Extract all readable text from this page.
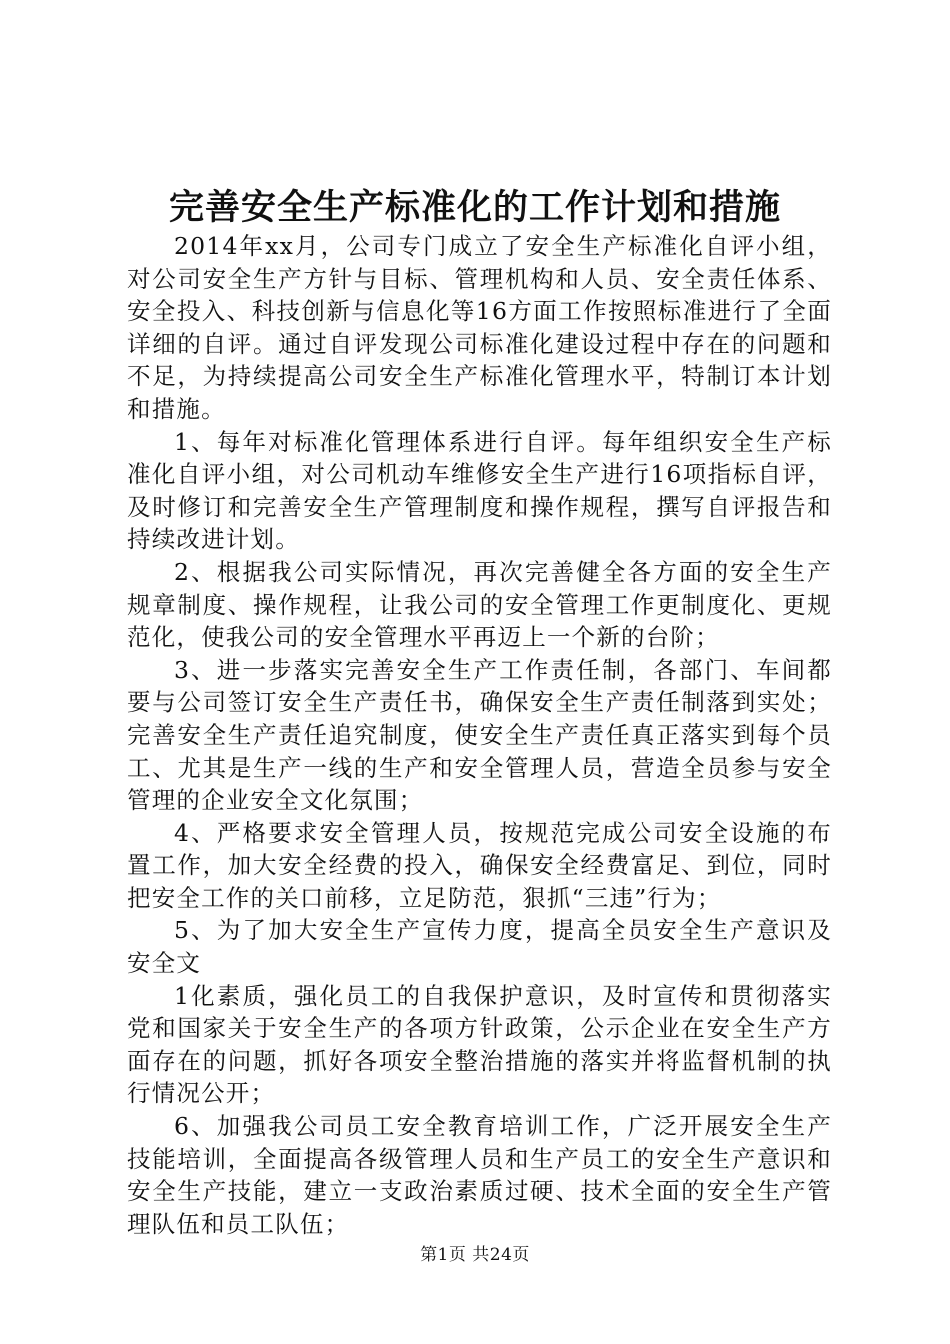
完善安全生产标准化的工作计划和措施

2014年xx月，公司专门成立了安全生产标准化自评小组，对公司安全生产方针与目标、管理机构和人员、安全责任体系、安全投入、科技创新与信息化等16方面工作按照标准进行了全面详细的自评。通过自评发现公司标准化建设过程中存在的问题和不足，为持续提高公司安全生产标准化管理水平，特制订本计划和措施。

1、每年对标准化管理体系进行自评。每年组织安全生产标准化自评小组，对公司机动车维修安全生产进行16项指标自评，及时修订和完善安全生产管理制度和操作规程，撰写自评报告和持续改进计划。

2、根据我公司实际情况，再次完善健全各方面的安全生产规章制度、操作规程，让我公司的安全管理工作更制度化、更规范化，使我公司的安全管理水平再迈上一个新的台阶；

3、进一步落实完善安全生产工作责任制，各部门、车间都要与公司签订安全生产责任书，确保安全生产责任制落到实处；完善安全生产责任追究制度，使安全生产责任真正落实到每个员工、尤其是生产一线的生产和安全管理人员，营造全员参与安全管理的企业安全文化氛围；

4、严格要求安全管理人员，按规范完成公司安全设施的布置工作，加大安全经费的投入，确保安全经费富足、到位，同时把安全工作的关口前移，立足防范，狠抓“三违”行为；

5、为了加大安全生产宣传力度，提高全员安全生产意识及安全文

1化素质，强化员工的自我保护意识，及时宣传和贯彻落实党和国家关于安全生产的各项方针政策，公示企业在安全生产方面存在的问题，抓好各项安全整治措施的落实并将监督机制的执行情况公开；

6、加强我公司员工安全教育培训工作，广泛开展安全生产技能培训，全面提高各级管理人员和生产员工的安全生产意识和安全生产技能，建立一支政治素质过硬、技术全面的安全生产管理队伍和员工队伍；

第1页 共24页
